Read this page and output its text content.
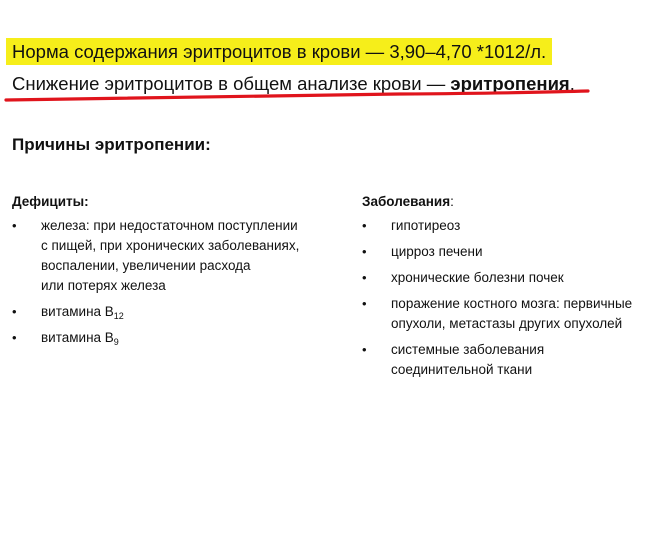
Норма содержания эритроцитов в крови — 3,90–4,70 *1012/л.
Снижение эритроцитов в общем анализе крови — эритропения.
Причины эритропении:
Дефициты:
• железа: при недостаточном поступлении
с пищей, при хронических заболеваниях,
воспалении, увеличении расхода
или потерях железа
• витамина $B_{12}$
• витамина $B_9$
Заболевания:
• гипотиреоз
• цирроз печени
• хронические болезни почек
• поражение костного мозга: первичные
опухоли, метастазы других опухолей
• системные заболевания
соединительной ткани
